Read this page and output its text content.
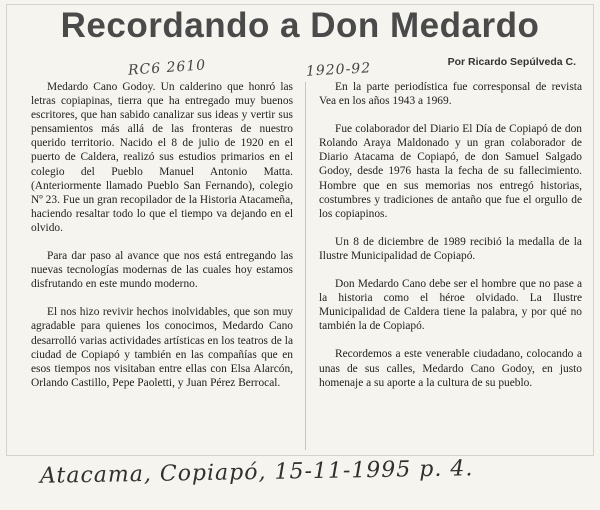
Recordando a Don Medardo
Por Ricardo Sepúlveda C.
RC6 2610	1920-92

Medardo Cano Godoy. Un calderino que honró las letras copiapinas, tierra que ha entregado muy buenos escritores, que han sabido canalizar sus ideas y vertir sus pensamientos más allá de las fronteras de nuestro querido territorio. Nacido el 8 de julio de 1920 en el puerto de Caldera, realizó sus estudios primarios en el colegio del Pueblo Manuel Antonio Matta. (Anteriormente llamado Pueblo San Fernando), colegio Nº 23. Fue un gran recopilador de la Historia Atacameña, haciendo resaltar todo lo que el tiempo va dejando en el olvido.

Para dar paso al avance que nos está entregando las nuevas tecnologías modernas de las cuales hoy estamos disfrutando en este mundo moderno.

El nos hizo revivir hechos inolvidables, que son muy agradable para quienes los conocimos, Medardo Cano desarrolló varias actividades artísticas en los teatros de la ciudad de Copiapó y también en las compañías que en esos tiempos nos visitaban entre ellas con Elsa Alarcón, Orlando Castillo, Pepe Paoletti, y Juan Pérez Berrocal.

En la parte periodística fue corresponsal de revista Vea en los años 1943 a 1969.

Fue colaborador del Diario El Día de Copiapó de don Rolando Araya Maldonado y un gran colaborador de Diario Atacama de Copiapó, de don Samuel Salgado Godoy, desde 1976 hasta la fecha de su fallecimiento. Hombre que en sus memorias nos entregó historias, costumbres y tradiciones de antaño que fue el orgullo de los copiapinos.

Un 8 de diciembre de 1989 recibió la medalla de la Ilustre Municipalidad de Copiapó.

Don Medardo Cano debe ser el hombre que no pase a la historia como el héroe olvidado. La Ilustre Municipalidad de Caldera tiene la palabra, y por qué no también la de Copiapó.

Recordemos a este venerable ciudadano, colocando a unas de sus calles, Medardo Cano Godoy, en justo homenaje a su aporte a la cultura de su pueblo.

Atacama, Copiapó, 15-11-1995 p. 4.
